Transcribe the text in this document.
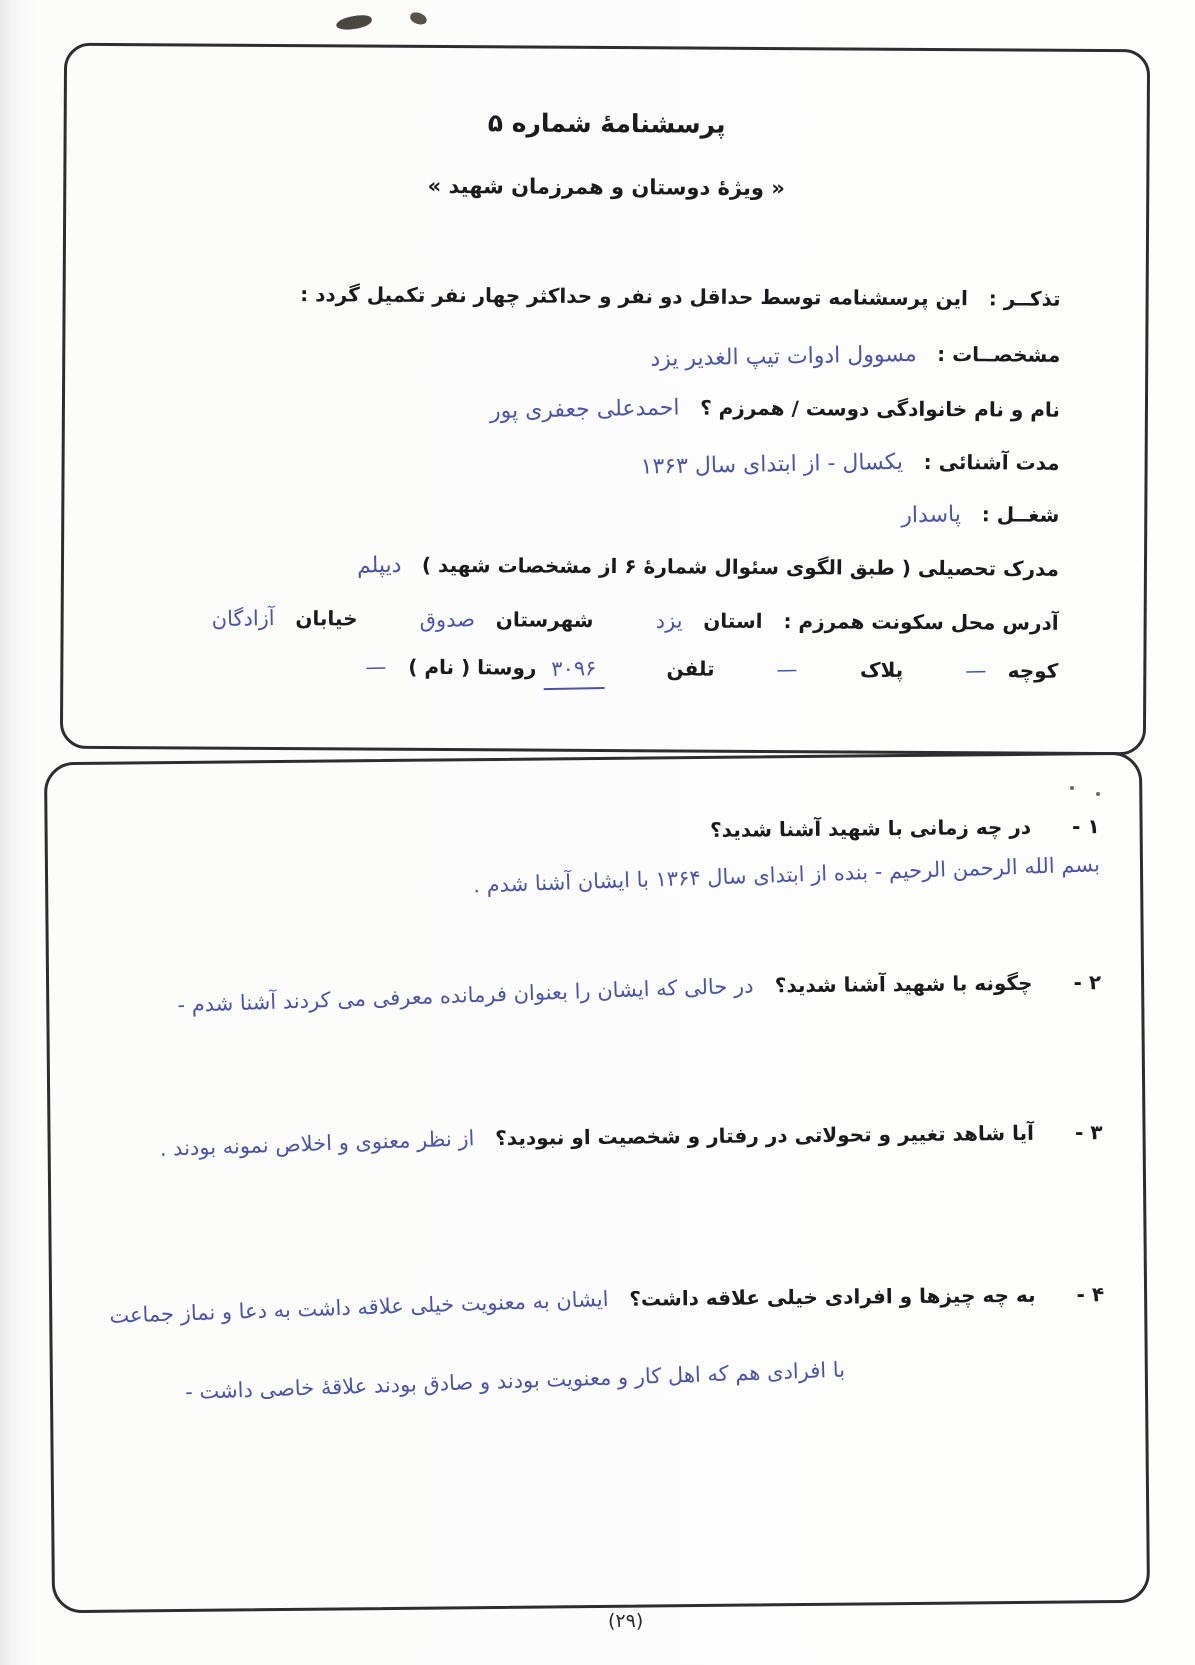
پرسشنامهٔ شماره ۵
« ویژهٔ دوستان و همرزمان شهید »
تذکــر : این پرسشنامه توسط حداقل دو نفر و حداکثر چهار نفر تکمیل گردد :
مشخصــات : مسوول ادوات تیپ الغدیر یزد
نام و نام خانوادگی دوست / همرزم ؟ احمدعلی جعفری پور
مدت آشنائی : یکسال - از ابتدای سال ۱۳۶۳
شغــل : پاسدار
مدرک تحصیلی ( طبق الگوی سئوال شمارهٔ ۶ از مشخصات شهید ) دیپلم
آدرس محل سکونت همرزم : استان یزد شهرستان صدوق خیابان آزادگان
کوچه — پلاک — تلفن ۳۰۹۶ روستا ( نام ) —
۱ - در چه زمانی با شهید آشنا شدید؟ بسم الله الرحمن الرحیم - بنده از ابتدای سال ۱۳۶۴ با ایشان آشنا شدم .
۲ - چگونه با شهید آشنا شدید؟ در حالی که ایشان را بعنوان فرمانده معرفی می کردند آشنا شدم -
۳ - آیا شاهد تغییر و تحولاتی در رفتار و شخصیت او نبودید؟ از نظر معنوی و اخلاص نمونه بودند .
۴ - به چه چیزها و افرادی خیلی علاقه داشت؟ ایشان به معنویت خیلی علاقه داشت به دعا و نماز جماعت
با افرادی هم که اهل کار و معنویت بودند و صادق بودند علاقهٔ خاصی داشت -
(۲۹)
